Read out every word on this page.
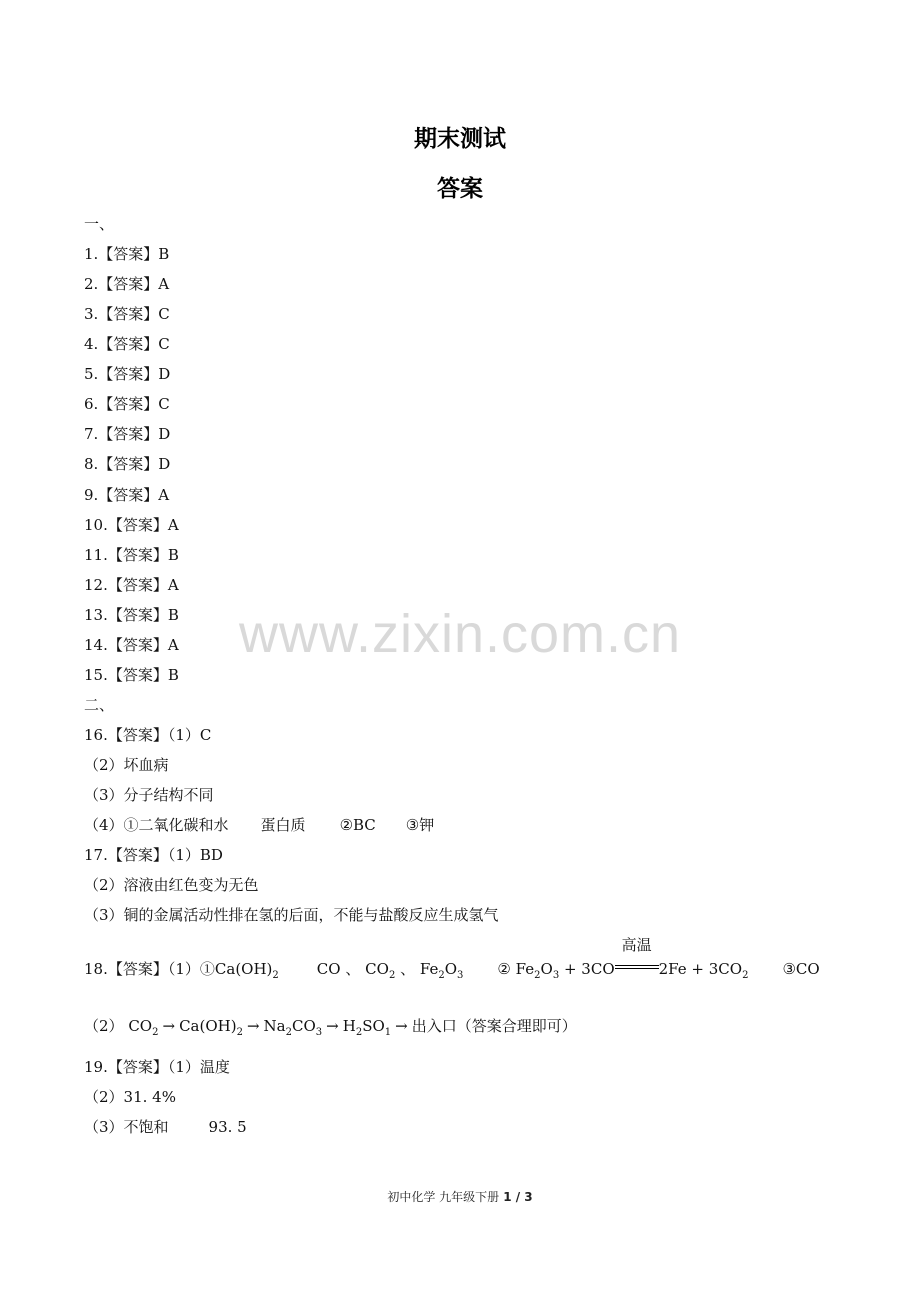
期末测试
答案
一、
1.【答案】B
2.【答案】A
3.【答案】C
4.【答案】C
5.【答案】D
6.【答案】C
7.【答案】D
8.【答案】D
9.【答案】A
10.【答案】A
11.【答案】B
12.【答案】A
13.【答案】B
14.【答案】A
15.【答案】B
二、
16.【答案】（1）C
（2）坏血病
（3）分子结构不同
（4）①二氧化碳和水 蛋白质 ②BC ③钾
17.【答案】（1）BD
（2）溶液由红色变为无色
（3）铜的金属活动性排在氢的后面，不能与盐酸反应生成氢气
18.【答案】$(1)①Ca(OH)_2$	CO 、 $CO_2$ 、 $Fe_2O_3$ ② $Fe_2O_3 + 3CO$
高温
$2Fe + 3CO_2$ ③CO
（2） $CO_2 \to Ca(OH)_2 \to Na_2CO_3 \to H_2SO_1$ → 出入口（答案合理即可）
19.【答案】（1）温度
（2）31. 4%
（3）不饱和	93. 5
www.zixin.com.cn
初中化学 九年级下册 1 / 3
